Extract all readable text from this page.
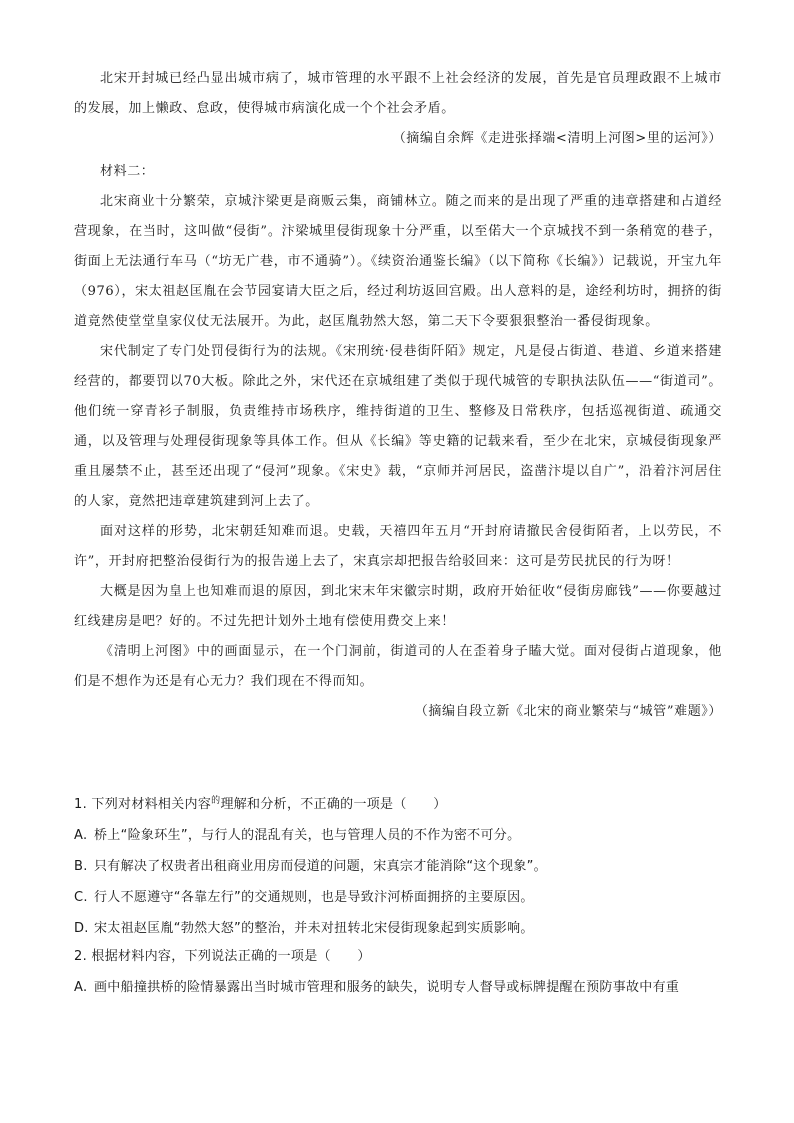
北宋开封城已经凸显出城市病了，城市管理的水平跟不上社会经济的发展，首先是官员理政跟不上城市的发展，加上懒政、怠政，使得城市病演化成一个个社会矛盾。

（摘编自余辉《走进张择端<清明上河图>里的运河》）

材料二：

北宋商业十分繁荣，京城汴梁更是商贩云集，商铺林立。随之而来的是出现了严重的违章搭建和占道经营现象，在当时，这叫做“侵街”。汴梁城里侵街现象十分严重，以至偌大一个京城找不到一条稍宽的巷子，街面上无法通行车马（“坊无广巷，市不通骑”）。《续资治通鉴长编》（以下简称《长编》）记载说，开宝九年（976），宋太祖赵匡胤在会节园宴请大臣之后，经过利坊返回宫殿。出人意料的是，途经利坊时，拥挤的街道竟然使堂堂皇家仪仗无法展开。为此，赵匡胤勃然大怒，第二天下令要狠狠整治一番侵街现象。

宋代制定了专门处罚侵街行为的法规。《宋刑统·侵巷街阡陌》规定，凡是侵占街道、巷道、乡道来搭建经营的，都要罚以70大板。除此之外，宋代还在京城组建了类似于现代城管的专职执法队伍——“街道司”。他们统一穿青衫子制服，负责维持市场秩序，维持街道的卫生、整修及日常秩序，包括巡视街道、疏通交通，以及管理与处理侵街现象等具体工作。但从《长编》等史籍的记载来看，至少在北宋，京城侵街现象严重且屡禁不止，甚至还出现了“侵河”现象。《宋史》载，“京师并河居民，盗凿汴堤以自广”，沿着汴河居住的人家，竟然把违章建筑建到河上去了。

面对这样的形势，北宋朝廷知难而退。史载，天禧四年五月“开封府请撤民舍侵街陌者，上以劳民，不许”，开封府把整治侵街行为的报告递上去了，宋真宗却把报告给驳回来：这可是劳民扰民的行为呀！

大概是因为皇上也知难而退的原因，到北宋末年宋徽宗时期，政府开始征收“侵街房廊钱”——你要越过红线建房是吧？好的。不过先把计划外土地有偿使用费交上来！

《清明上河图》中的画面显示，在一个门洞前，街道司的人在歪着身子瞌大觉。面对侵街占道现象，他们是不想作为还是有心无力？我们现在不得而知。

（摘编自段立新《北宋的商业繁荣与“城管”难题》）

1. 下列对材料相关内容$^的$理解和分析，不正确的一项是（　　）

A. 桥上“险象环生”，与行人的混乱有关，也与管理人员的不作为密不可分。

B. 只有解决了权贵者出租商业用房而侵道的问题，宋真宗才能消除“这个现象”。

C. 行人不愿遵守“各靠左行”的交通规则，也是导致汴河桥面拥挤的主要原因。

D. 宋太祖赵匡胤“勃然大怒”的整治，并未对扭转北宋侵街现象起到实质影响。

2. 根据材料内容，下列说法正确的一项是（　　）

A. 画中船撞拱桥的险情暴露出当时城市管理和服务的缺失，说明专人督导或标牌提醒在预防事故中有重
